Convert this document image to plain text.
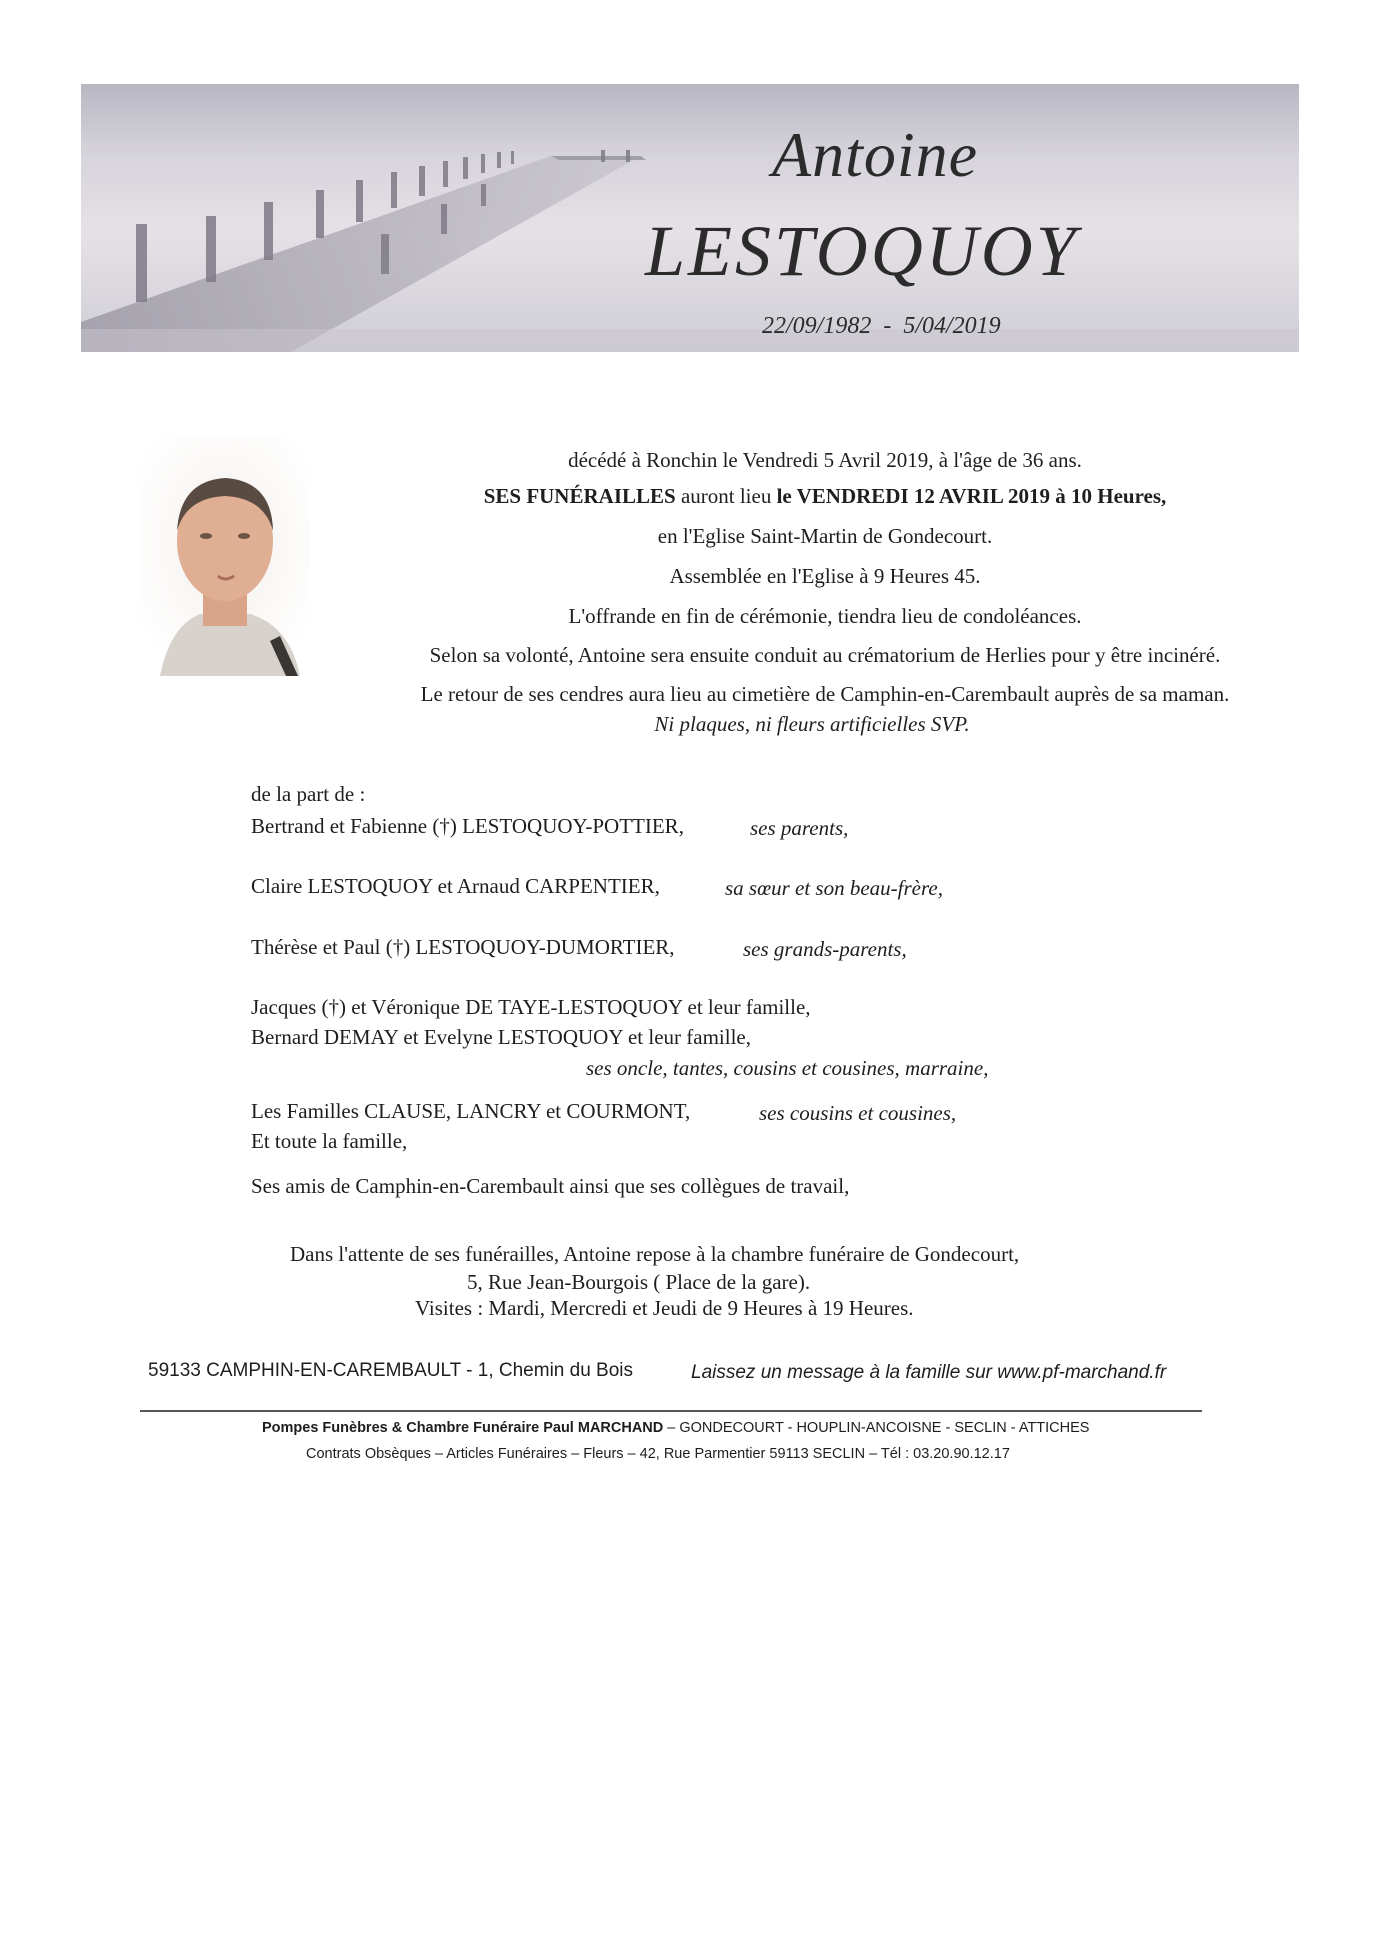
Antoine
LESTOQUOY
22/09/1982  -  5/04/2019
décédé à Ronchin le Vendredi 5 Avril 2019, à l'âge de 36 ans.
SES FUNÉRAILLES auront lieu le VENDREDI 12 AVRIL 2019 à 10 Heures,
en l'Eglise Saint-Martin de Gondecourt.
Assemblée en l'Eglise à 9 Heures 45.
L'offrande en fin de cérémonie, tiendra lieu de condoléances.
Selon sa volonté, Antoine sera ensuite conduit au crématorium de Herlies pour y être incinéré.
Le retour de ses cendres aura lieu au cimetière de Camphin-en-Carembault auprès de sa maman.
Ni plaques, ni fleurs artificielles SVP.
de la part de :
Bertrand et Fabienne (†) LESTOQUOY-POTTIER,	ses parents,
Claire LESTOQUOY et Arnaud CARPENTIER,	sa sœur et son beau-frère,
Thérèse et Paul (†) LESTOQUOY-DUMORTIER,	ses grands-parents,
Jacques (†) et Véronique DE TAYE-LESTOQUOY et leur famille,
Bernard DEMAY et Evelyne LESTOQUOY et leur famille,
ses oncle, tantes, cousins et cousines, marraine,
Les Familles CLAUSE, LANCRY et COURMONT,	ses cousins et cousines,
Et toute la famille,
Ses amis de Camphin-en-Carembault ainsi que ses collègues de travail,
Dans l'attente de ses funérailles, Antoine repose à la chambre funéraire de Gondecourt,
5, Rue Jean-Bourgois ( Place de la gare).
Visites : Mardi, Mercredi et Jeudi de 9 Heures à 19 Heures.
59133 CAMPHIN-EN-CAREMBAULT - 1, Chemin du Bois	Laissez un message à la famille sur www.pf-marchand.fr
Pompes Funèbres & Chambre Funéraire Paul MARCHAND – GONDECOURT - HOUPLIN-ANCOISNE - SECLIN - ATTICHES
Contrats Obsèques – Articles Funéraires – Fleurs – 42, Rue Parmentier 59113 SECLIN – Tél : 03.20.90.12.17
